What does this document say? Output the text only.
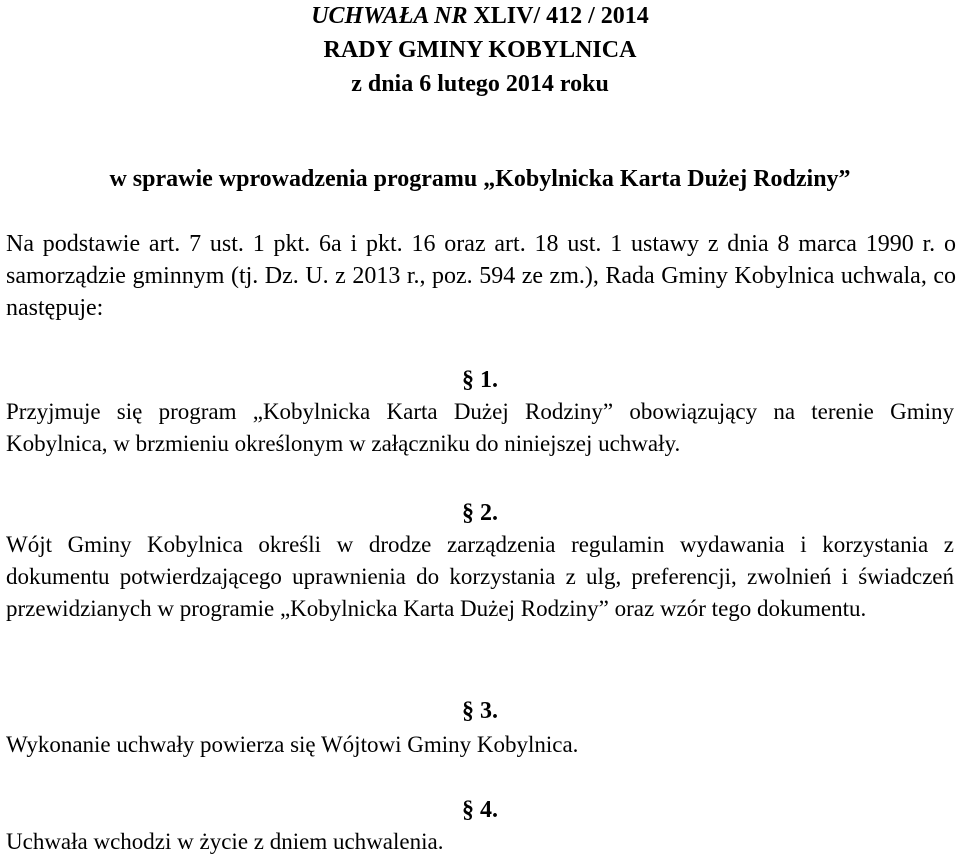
UCHWAŁA NR XLIV/ 412 / 2014
RADY GMINY KOBYLNICA
z dnia 6 lutego 2014 roku
w sprawie wprowadzenia programu „Kobylnicka Karta Dużej Rodziny”
Na podstawie art. 7 ust. 1 pkt. 6a i pkt. 16 oraz art. 18 ust. 1 ustawy z dnia 8 marca 1990 r. o samorządzie gminnym (tj. Dz. U. z 2013 r., poz. 594 ze zm.), Rada Gminy Kobylnica uchwala, co następuje:
§ 1.
Przyjmuje się program „Kobylnicka Karta Dużej Rodziny” obowiązujący na terenie Gminy Kobylnica, w brzmieniu określonym w załączniku do niniejszej uchwały.
§ 2.
Wójt Gminy Kobylnica określi w drodze zarządzenia regulamin wydawania i korzystania z dokumentu potwierdzającego uprawnienia do korzystania z ulg, preferencji, zwolnień i świadczeń przewidzianych w programie „Kobylnicka Karta Dużej Rodziny” oraz wzór tego dokumentu.
§ 3.
Wykonanie uchwały powierza się Wójtowi Gminy Kobylnica.
§ 4.
Uchwała wchodzi w życie z dniem uchwalenia.
